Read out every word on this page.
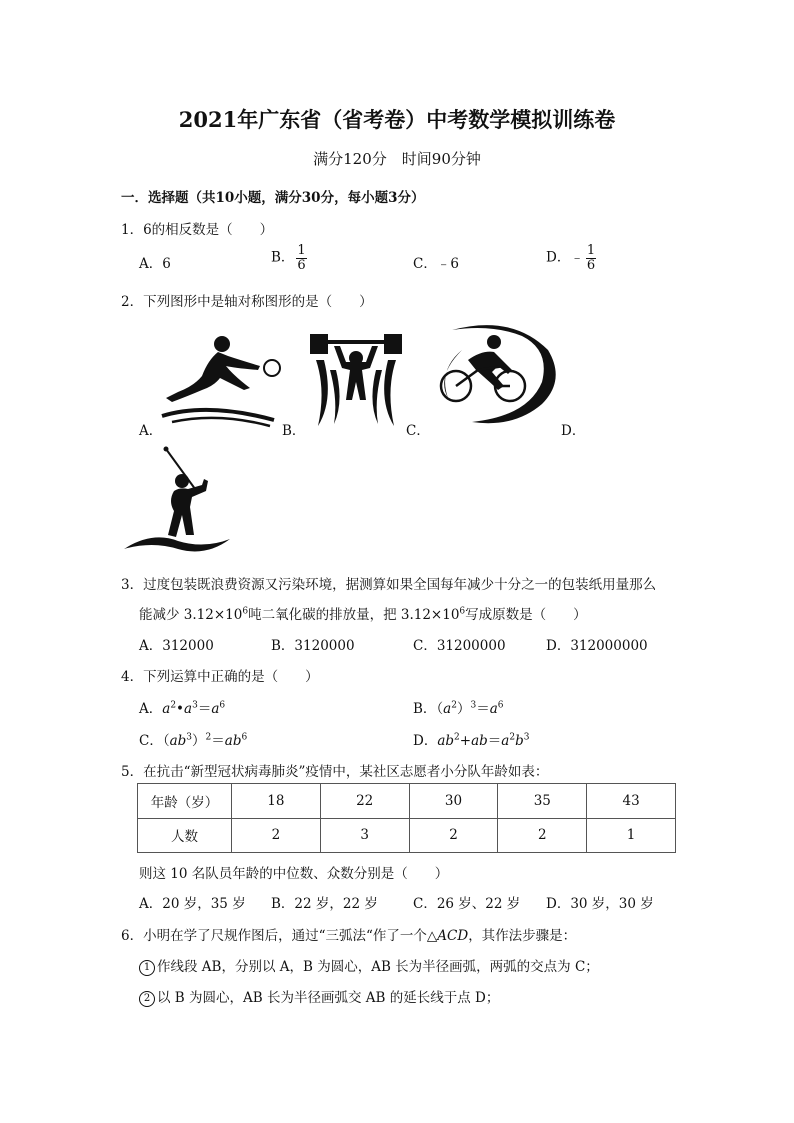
2021年广东省（省考卷）中考数学模拟训练卷
满分120分　时间90分钟
一．选择题（共10小题，满分30分，每小题3分）
1．6的相反数是（　　）
A．6	B． $\frac{1}{6}$	C．﹣6	D．﹣ $\frac{1}{6}$
2．下列图形中是轴对称图形的是（　　）
A．	B．	C．	D．
3．过度包装既浪费资源又污染环境，据测算如果全国每年减少十分之一的包装纸用量那么
能减少 $3.12\times 10^6$吨二氧化碳的排放量，把 $3.12\times 10^6$写成原数是（　　）
A．312000	B．3120000	C．31200000	D．312000000
4．下列运算中正确的是（　　）
A．$a^2•a^3=a^6$	B．$(a^2)^3=a^6$
C．$(ab^3)^2=ab^6$	D．$ab^2+ab=a^2b^3$
5．在抗击“新型冠状病毒肺炎”疫情中，某社区志愿者小分队年龄如表：
年龄（岁）	18	22	30	35	43
人数	2	3	2	2	1
则这 10 名队员年龄的中位数、众数分别是（　　）
A．20 岁，35 岁 B．22 岁，22 岁	C．26 岁、22 岁 D．30 岁，30 岁
6．小明在学了尺规作图后，通过“三弧法“作了一个△ACD，其作法步骤是：
1 作线段 AB，分别以 A，B 为圆心，AB 长为半径画弧，两弧的交点为 C；
2 以 B 为圆心，AB 长为半径画弧交 AB 的延长线于点 D；
